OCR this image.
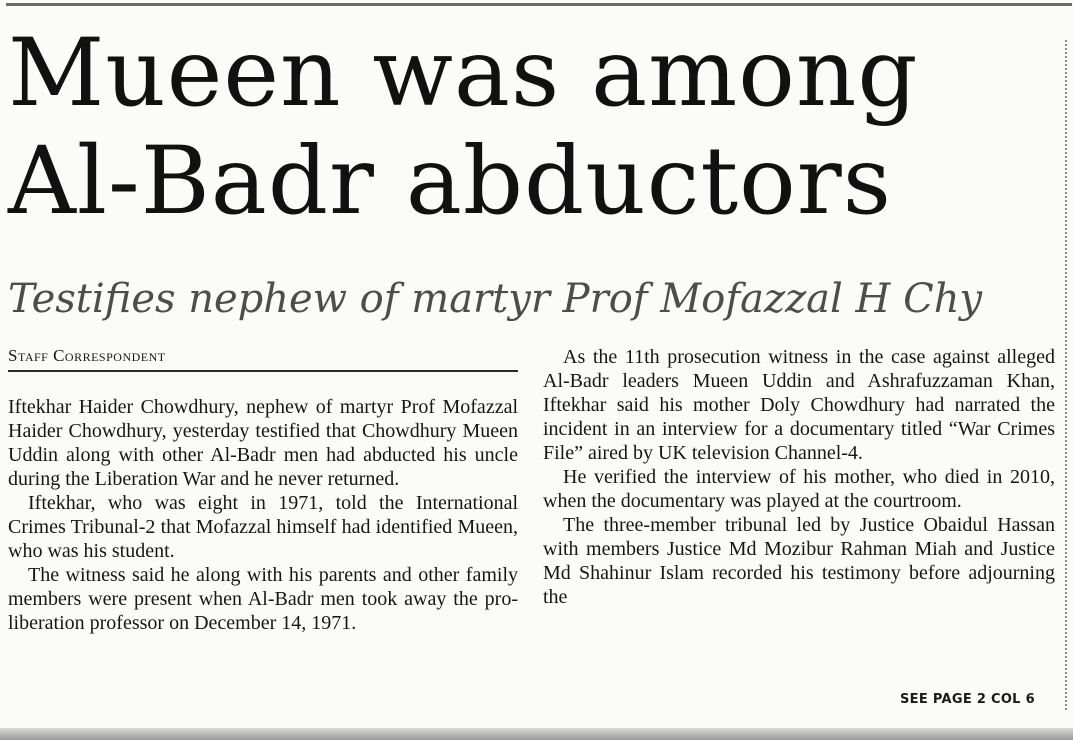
Mueen was among
Al-Badr abductors
Testifies nephew of martyr Prof Mofazzal H Chy
Staff Correspondent

Iftekhar Haider Chowdhury, nephew of martyr Prof Mofazzal Haider Chowdhury, yesterday testified that Chowdhury Mueen Uddin along with other Al-Badr men had abducted his uncle during the Liberation War and he never returned.

Iftekhar, who was eight in 1971, told the International Crimes Tribunal-2 that Mofazzal himself had identified Mueen, who was his student.

The witness said he along with his parents and other family members were present when Al-Badr men took away the pro-liberation professor on December 14, 1971.

As the 11th prosecution witness in the case against alleged Al-Badr leaders Mueen Uddin and Ashrafuzzaman Khan, Iftekhar said his mother Doly Chowdhury had narrated the incident in an interview for a documentary titled “War Crimes File” aired by UK television Channel-4.

He verified the interview of his mother, who died in 2010, when the documentary was played at the courtroom.

The three-member tribunal led by Justice Obaidul Hassan with members Justice Md Mozibur Rahman Miah and Justice Md Shahinur Islam recorded his testimony before adjourning the

SEE PAGE 2 COL 6
